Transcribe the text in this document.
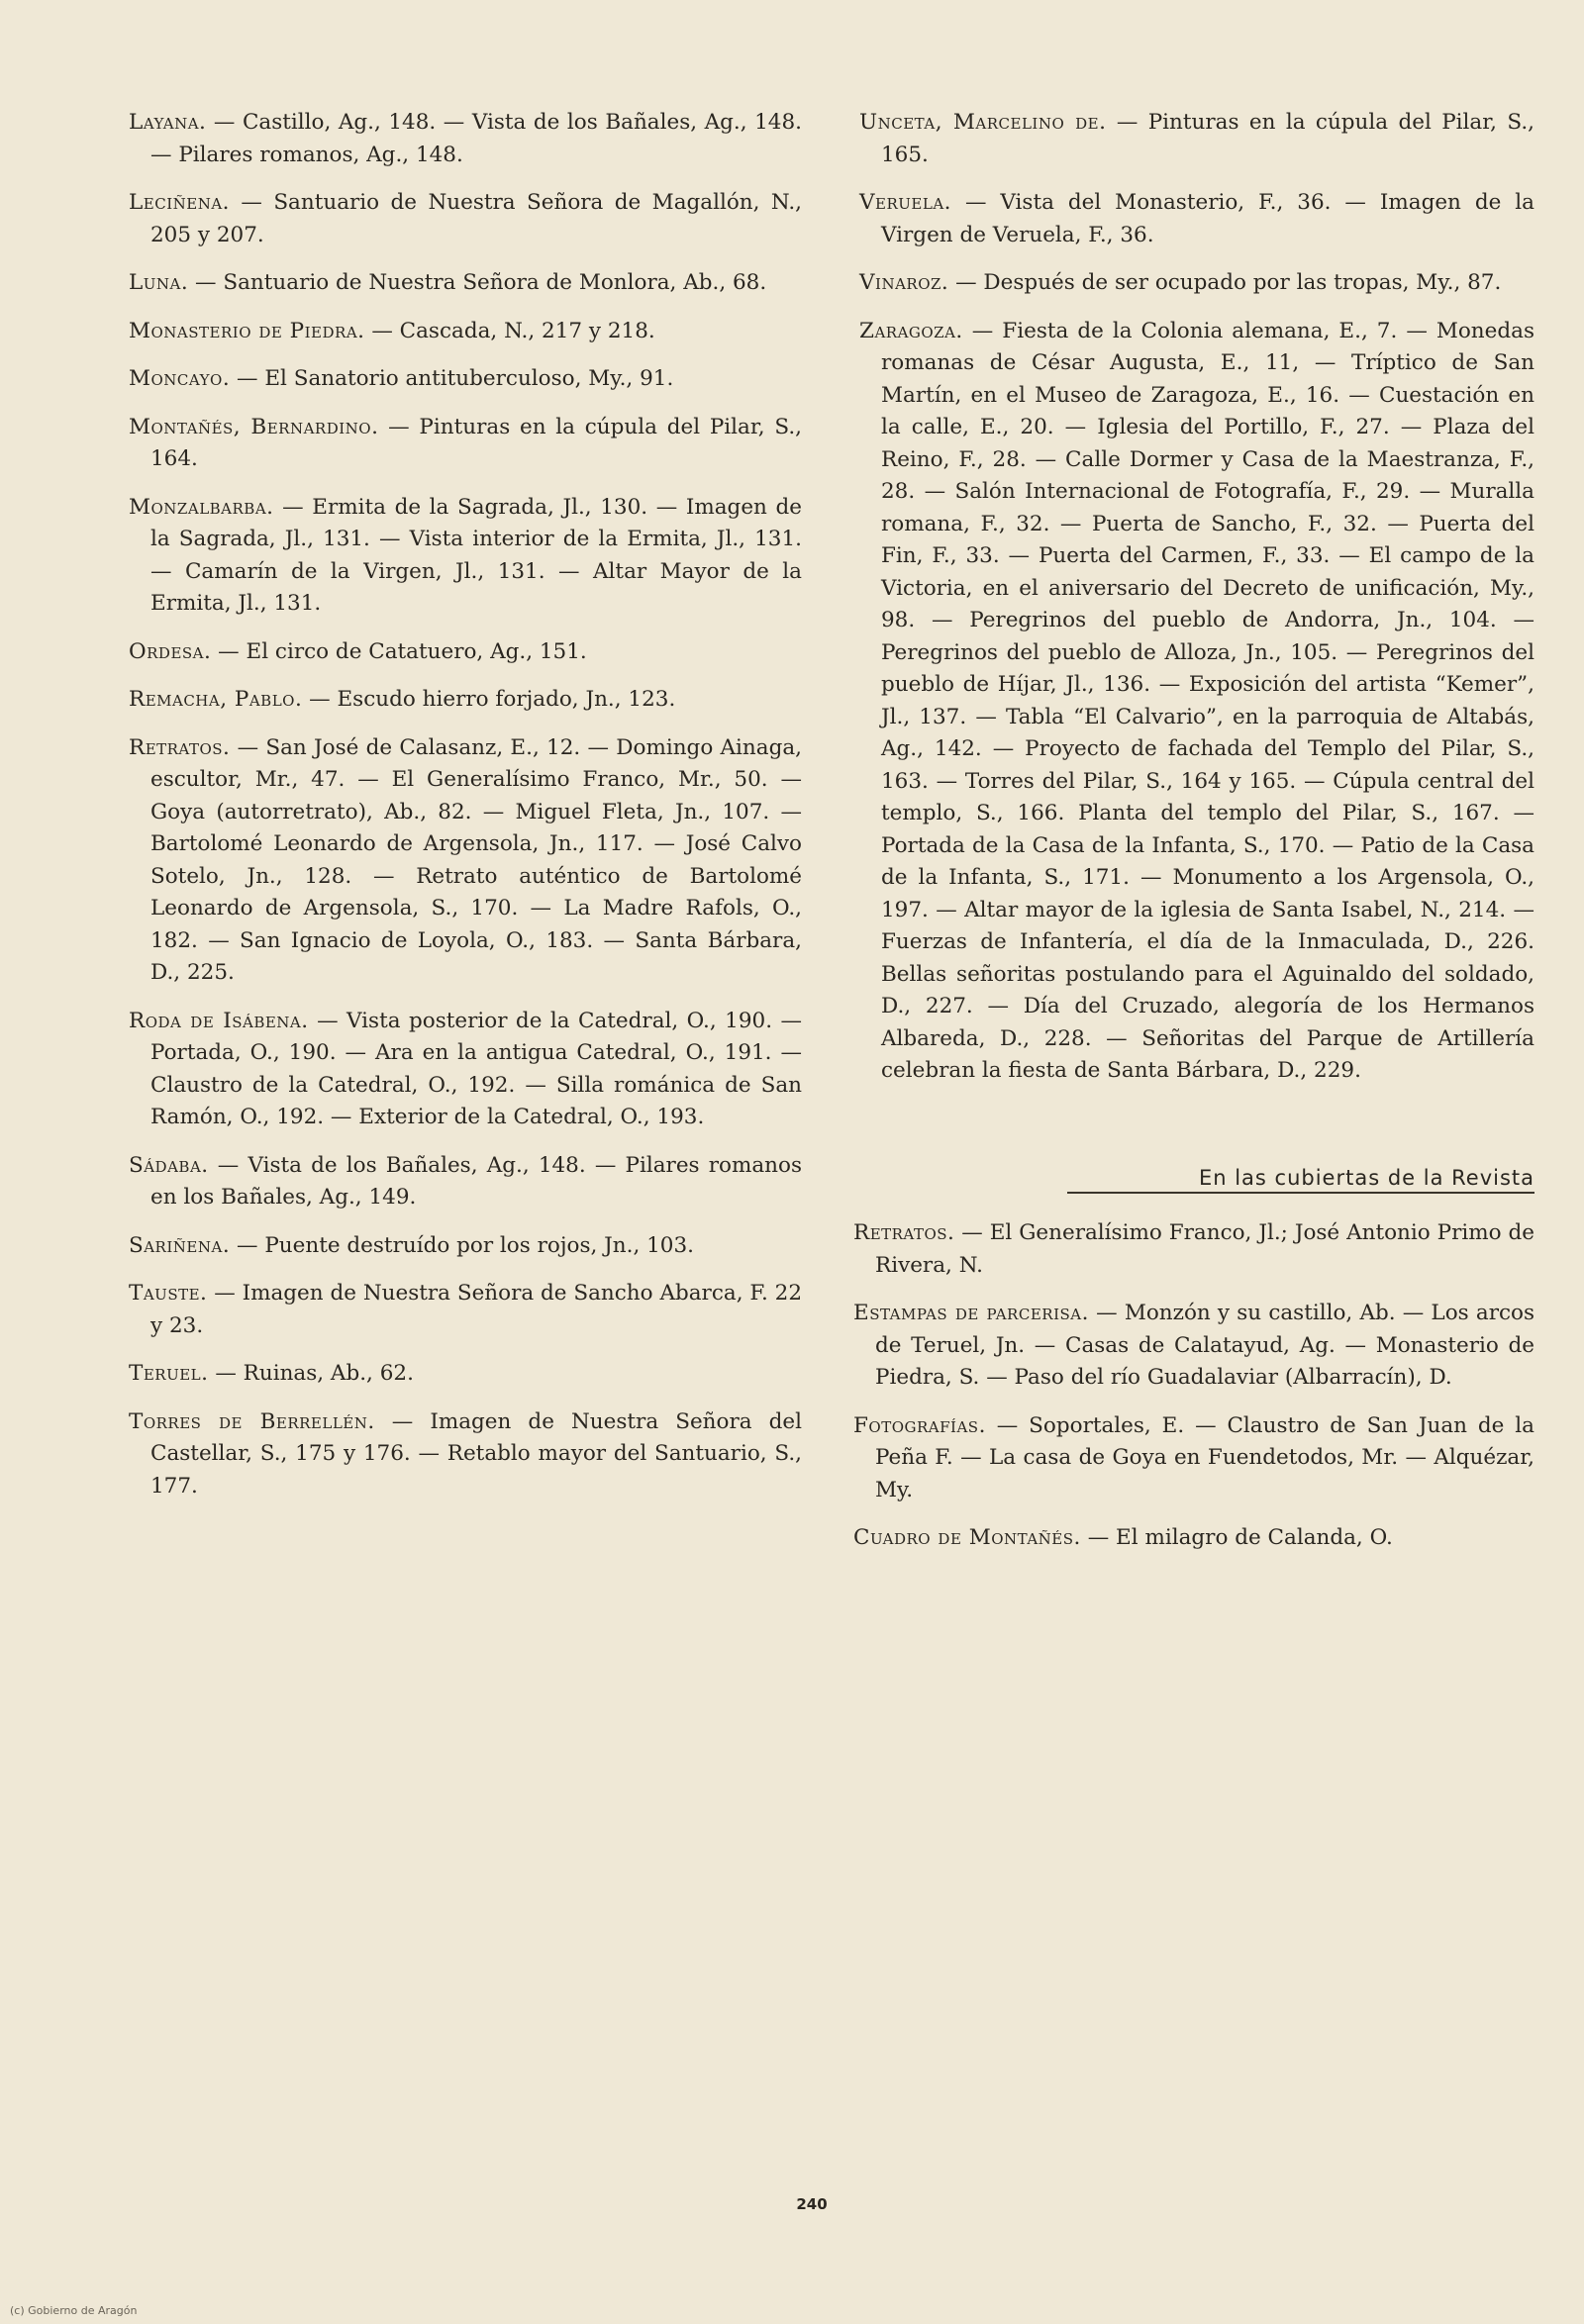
Layana. — Castillo, Ag., 148. — Vista de los Bañales, Ag., 148. — Pilares romanos, Ag., 148.

Leciñena. — Santuario de Nuestra Señora de Magallón, N., 205 y 207.

Luna. — Santuario de Nuestra Señora de Monlora, Ab., 68.

Monasterio de Piedra. — Cascada, N., 217 y 218.

Moncayo. — El Sanatorio antituberculoso, My., 91.

Montañés, Bernardino. — Pinturas en la cúpula del Pilar, S., 164.

Monzalbarba. — Ermita de la Sagrada, Jl., 130. — Imagen de la Sagrada, Jl., 131. — Vista interior de la Ermita, Jl., 131. — Camarín de la Virgen, Jl., 131. — Altar Mayor de la Ermita, Jl., 131.

Ordesa. — El circo de Catatuero, Ag., 151.

Remacha, Pablo. — Escudo hierro forjado, Jn., 123.

Retratos. — San José de Calasanz, E., 12. — Domingo Ainaga, escultor, Mr., 47. — El Generalísimo Franco, Mr., 50. — Goya (autorretrato), Ab., 82. — Miguel Fleta, Jn., 107. — Bartolomé Leonardo de Argensola, Jn., 117. — José Calvo Sotelo, Jn., 128. — Retrato auténtico de Bartolomé Leonardo de Argensola, S., 170. — La Madre Rafols, O., 182. — San Ignacio de Loyola, O., 183. — Santa Bárbara, D., 225.

Roda de Isábena. — Vista posterior de la Catedral, O., 190. — Portada, O., 190. — Ara en la antigua Catedral, O., 191. — Claustro de la Catedral, O., 192. — Silla románica de San Ramón, O., 192. — Exterior de la Catedral, O., 193.

Sádaba. — Vista de los Bañales, Ag., 148. — Pilares romanos en los Bañales, Ag., 149.

Sariñena. — Puente destruído por los rojos, Jn., 103.

Tauste. — Imagen de Nuestra Señora de Sancho Abarca, F. 22 y 23.

Teruel. — Ruinas, Ab., 62.

Torres de Berrellén. — Imagen de Nuestra Señora del Castellar, S., 175 y 176. — Retablo mayor del Santuario, S., 177.

Unceta, Marcelino de. — Pinturas en la cúpula del Pilar, S., 165.

Veruela. — Vista del Monasterio, F., 36. — Imagen de la Virgen de Veruela, F., 36.

Vinaroz. — Después de ser ocupado por las tropas, My., 87.

Zaragoza. — Fiesta de la Colonia alemana, E., 7. — Monedas romanas de César Augusta, E., 11, — Tríptico de San Martín, en el Museo de Zaragoza, E., 16. — Cuestación en la calle, E., 20. — Iglesia del Portillo, F., 27. — Plaza del Reino, F., 28. — Calle Dormer y Casa de la Maestranza, F., 28. — Salón Internacional de Fotografía, F., 29. — Muralla romana, F., 32. — Puerta de Sancho, F., 32. — Puerta del Fin, F., 33. — Puerta del Carmen, F., 33. — El campo de la Victoria, en el aniversario del Decreto de unificación, My., 98. — Peregrinos del pueblo de Andorra, Jn., 104. — Peregrinos del pueblo de Alloza, Jn., 105. — Peregrinos del pueblo de Híjar, Jl., 136. — Exposición del artista “Kemer”, Jl., 137. — Tabla “El Calvario”, en la parroquia de Altabás, Ag., 142. — Proyecto de fachada del Templo del Pilar, S., 163. — Torres del Pilar, S., 164 y 165. — Cúpula central del templo, S., 166. Planta del templo del Pilar, S., 167. — Portada de la Casa de la Infanta, S., 170. — Patio de la Casa de la Infanta, S., 171. — Monumento a los Argensola, O., 197. — Altar mayor de la iglesia de Santa Isabel, N., 214. — Fuerzas de Infantería, el día de la Inmaculada, D., 226. Bellas señoritas postulando para el Aguinaldo del soldado, D., 227. — Día del Cruzado, alegoría de los Hermanos Albareda, D., 228. — Señoritas del Parque de Artillería celebran la fiesta de Santa Bárbara, D., 229.

En las cubiertas de la Revista

Retratos. — El Generalísimo Franco, Jl.; José Antonio Primo de Rivera, N.

Estampas de parcerisa. — Monzón y su castillo, Ab. — Los arcos de Teruel, Jn. — Casas de Calatayud, Ag. — Monasterio de Piedra, S. — Paso del río Guadalaviar (Albarracín), D.

Fotografías. — Soportales, E. — Claustro de San Juan de la Peña F. — La casa de Goya en Fuendetodos, Mr. — Alquézar, My.

Cuadro de Montañés. — El milagro de Calanda, O.

240
(c) Gobierno de Aragón
